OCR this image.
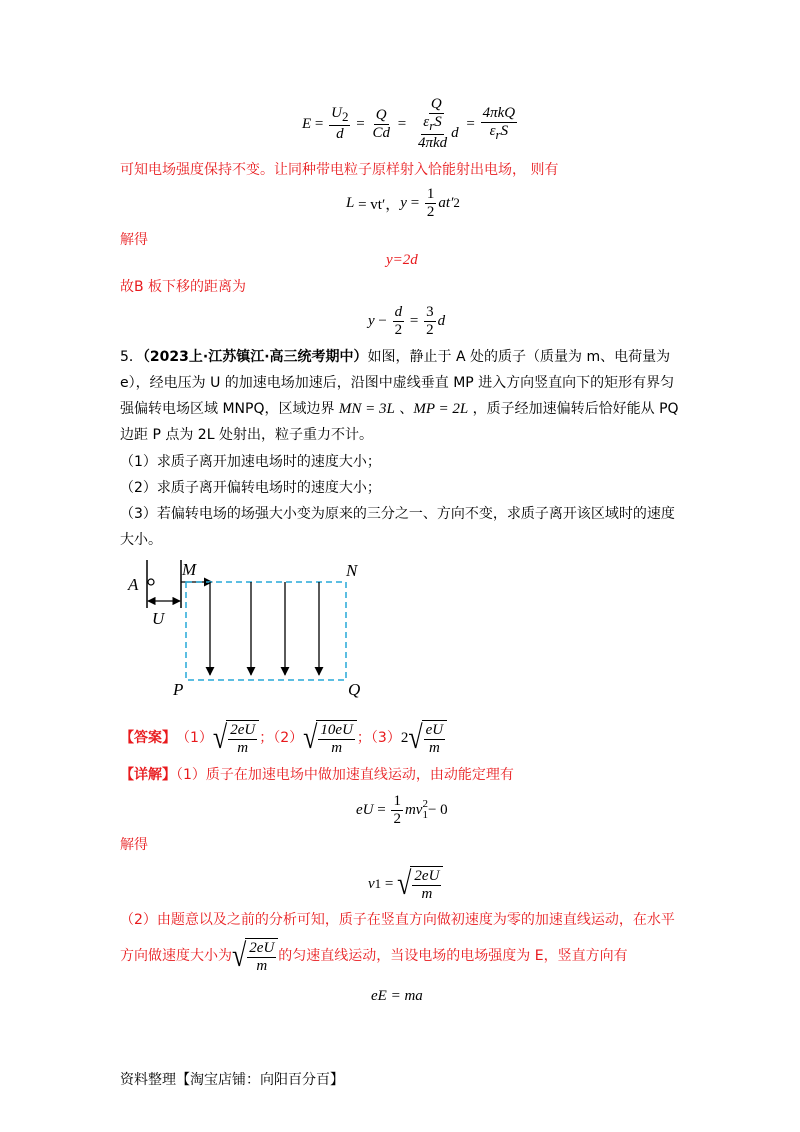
$E = \frac{U_2}{d} = \frac{Q}{Cd} = \frac{Q}{\frac{\varepsilon_rS}{\text{4πkd}} d} = \frac{\text{4πkQ}}{\varepsilon_rS}$
可知电场强度保持不变。让同种带电粒子原样射入恰能射出电场， 则有
L
= vt′， y
=
$\frac{1}{2} at'$ 2
解得
y=2d
故B 板下移的距离为
y
−
$\frac{d}{2}$
=
$\frac{3}{2}$ d
5．（2023上·江苏镇江·高三统考期中）如图，静止于 A 处的质子（质量为 m、电荷量为
e），经电压为 U 的加速电场加速后，沿图中虚线垂直 MP 进入方向竖直向下的矩形有界匀
强偏转电场区域 MNPQ，区域边界 MN = 3L 、MP = 2L ，质子经加速偏转后恰好能从 PQ
边距 P 点为 2L 处射出，粒子重力不计。
（1）求质子离开加速电场时的速度大小；
（2）求质子离开偏转电场时的速度大小；
（3）若偏转电场的场强大小变为原来的三分之一、方向不变，求质子离开该区域时的速度
大小。
A
M	N
U
P	Q
【答案】 （1） √ $\frac{2eU}{m}$ ；（2） √ $\frac{10eU}{m}$ ；（3） 2 √ $\frac{eU}{m}$
【详解】（1）质子在加速电场中做加速直线运动，由动能定理有
eU
=
$\frac{1}{2}$ mv 2
1 − 0
解得
v 1
=
√ $\frac{2eU}{m}$
（2）由题意以及之前的分析可知，质子在竖直方向做初速度为零的加速直线运动，在水平
方向做速度大小为 √ $\frac{2eU}{m}$ 的匀速直线运动，当设电场的电场强度为 E，竖直方向有
eE = ma
资料整理【淘宝店铺：向阳百分百】
